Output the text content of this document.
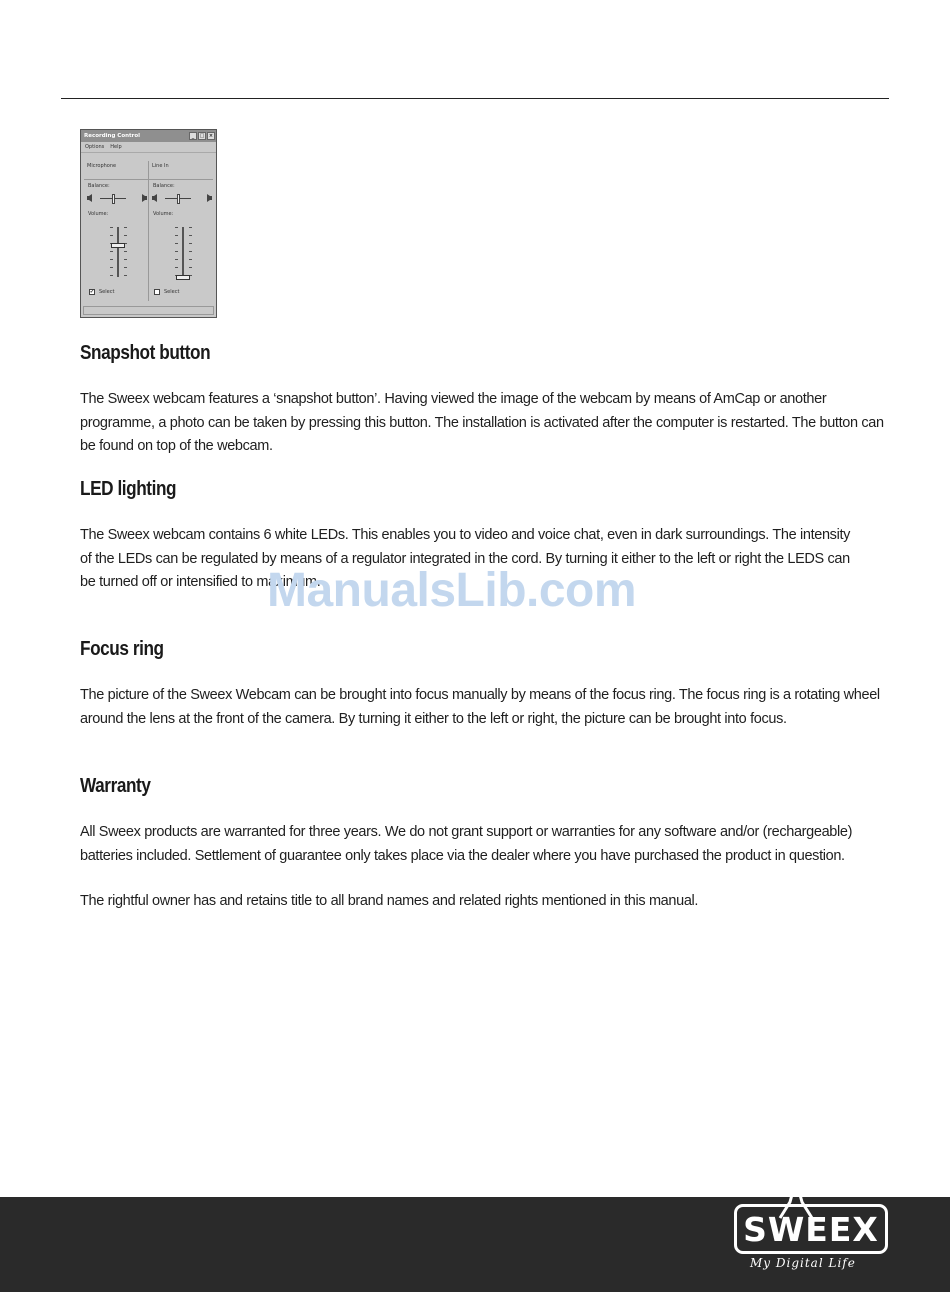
Recording Control	_	□ ×
Options Help
Microphone
Balance:
Volume:
✔ Select
Line In
Balance:
Volume:
Select
Snapshot button

The Sweex webcam features a ‘snapshot button’. Having viewed the image of the webcam by means of AmCap or another programme, a photo can be taken by pressing this button. The installation is activated after the computer is restarted. The button can be found on top of the webcam.

LED lighting

The Sweex webcam contains 6 white LEDs. This enables you to video and voice chat, even in dark surroundings. The intensity of the LEDs can be regulated by means of a regulator integrated in the cord. By turning it either to the left or right the LEDS can be turned off or intensified to maximum.

ManualsLib.com
Focus ring

The picture of the Sweex Webcam can be brought into focus manually by means of the focus ring. The focus ring is a rotating wheel around the lens at the front of the camera. By turning it either to the left or right, the picture can be brought into focus.

Warranty

All Sweex products are warranted for three years. We do not grant support or warranties for any software and/or (rechargeable) batteries included. Settlement of guarantee only takes place via the dealer where you have purchased the product in question.

The rightful owner has and retains title to all brand names and related rights mentioned in this manual.

SWEEX
My Digital Life
